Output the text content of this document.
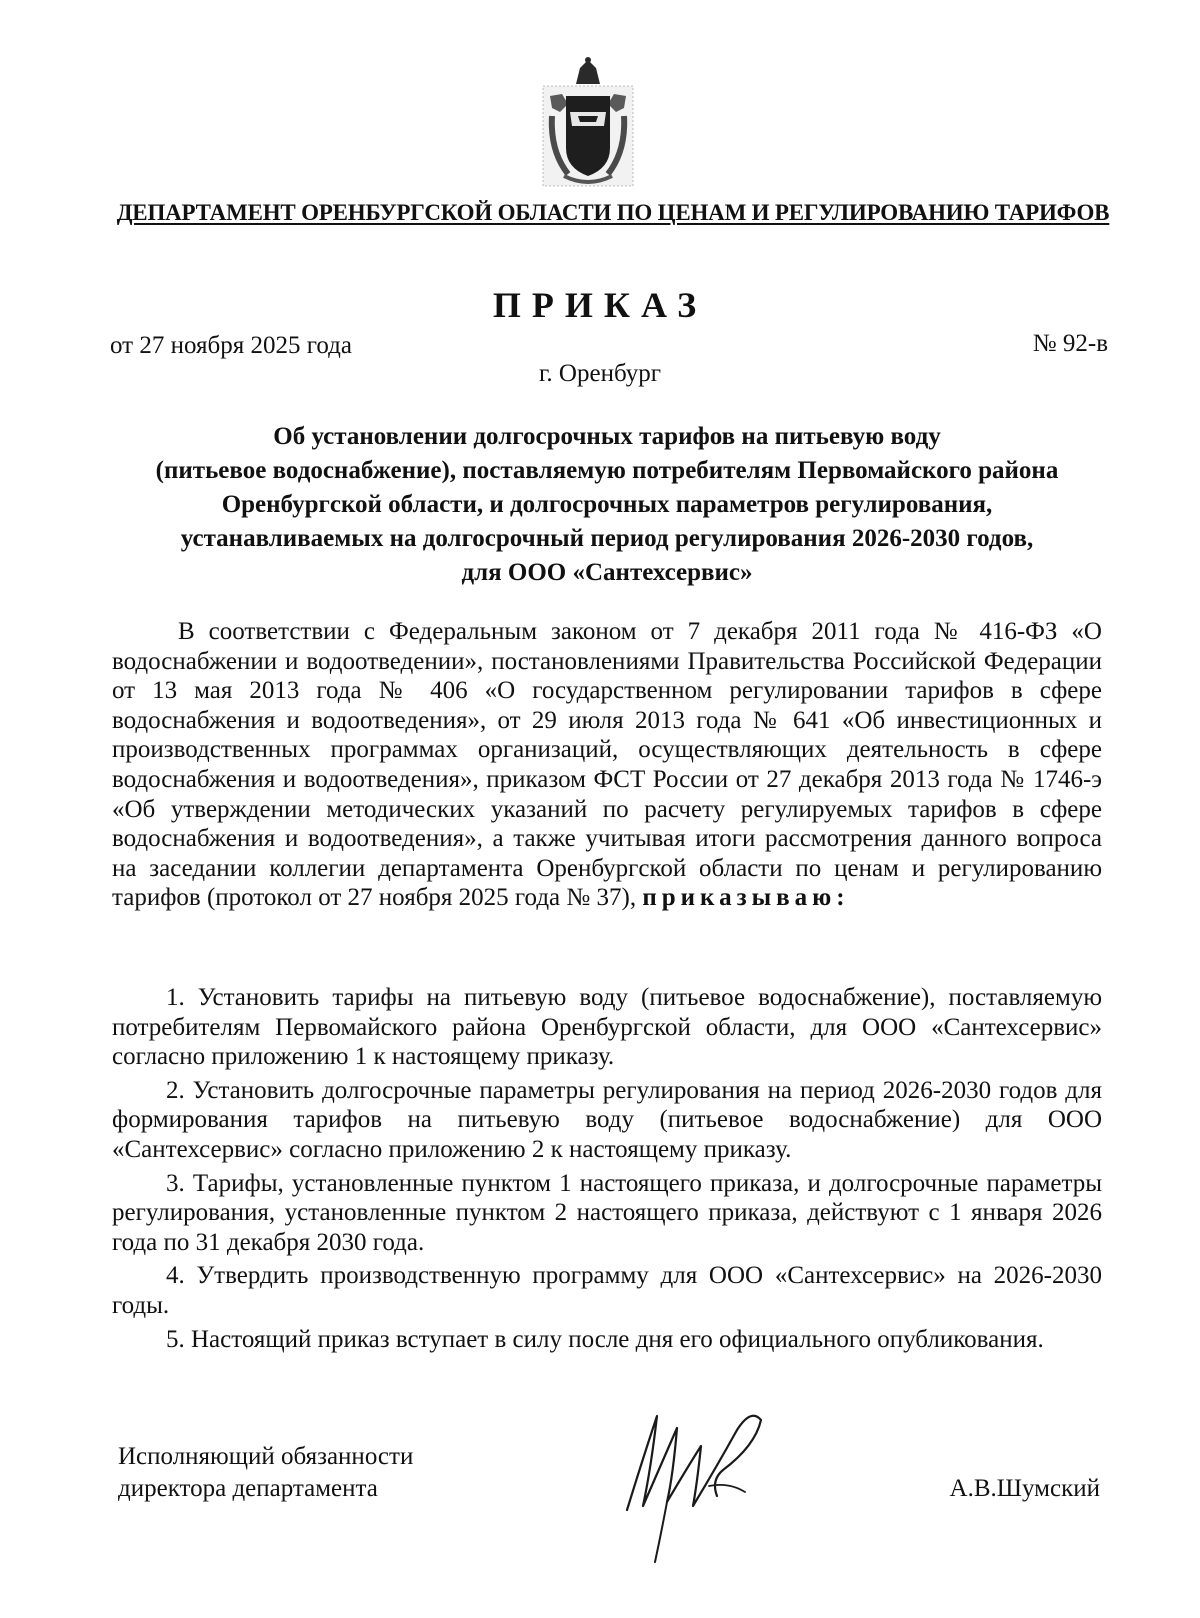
ДЕПАРТАМЕНТ ОРЕНБУРГСКОЙ ОБЛАСТИ ПО ЦЕНАМ И РЕГУЛИРОВАНИЮ ТАРИФОВ
ПРИКАЗ
от 27 ноября 2025 года	№ 92-в
г. Оренбург
Об установлении долгосрочных тарифов на питьевую воду
(питьевое водоснабжение), поставляемую потребителям Первомайского района
Оренбургской области, и долгосрочных параметров регулирования,
устанавливаемых на долгосрочный период регулирования 2026-2030 годов,
для ООО «Сантехсервис»
В соответствии с Федеральным законом от 7 декабря 2011 года № 416-ФЗ «О водоснабжении и водоотведении», постановлениями Правительства Российской Федерации от 13 мая 2013 года № 406 «О государственном регулировании тарифов в сфере водоснабжения и водоотведения», от 29 июля 2013 года № 641 «Об инвестиционных и производственных программах организаций, осуществляющих деятельность в сфере водоснабжения и водоотведения», приказом ФСТ России от 27 декабря 2013 года № 1746-э «Об утверждении методических указаний по расчету регулируемых тарифов в сфере водоснабжения и водоотведения», а также учитывая итоги рассмотрения данного вопроса на заседании коллегии департамента Оренбургской области по ценам и регулированию тарифов (протокол от 27 ноября 2025 года № 37), приказываю:
1. Установить тарифы на питьевую воду (питьевое водоснабжение), поставляемую потребителям Первомайского района Оренбургской области, для ООО «Сантехсервис» согласно приложению 1 к настоящему приказу.
2. Установить долгосрочные параметры регулирования на период 2026-2030 годов для формирования тарифов на питьевую воду (питьевое водоснабжение) для ООО «Сантехсервис» согласно приложению 2 к настоящему приказу.
3. Тарифы, установленные пунктом 1 настоящего приказа, и долгосрочные параметры регулирования, установленные пунктом 2 настоящего приказа, действуют с 1 января 2026 года по 31 декабря 2030 года.
4. Утвердить производственную программу для ООО «Сантехсервис» на 2026-2030 годы.
5. Настоящий приказ вступает в силу после дня его официального опубликования.
Исполняющий обязанности
директора департамента	А.В.Шумский
